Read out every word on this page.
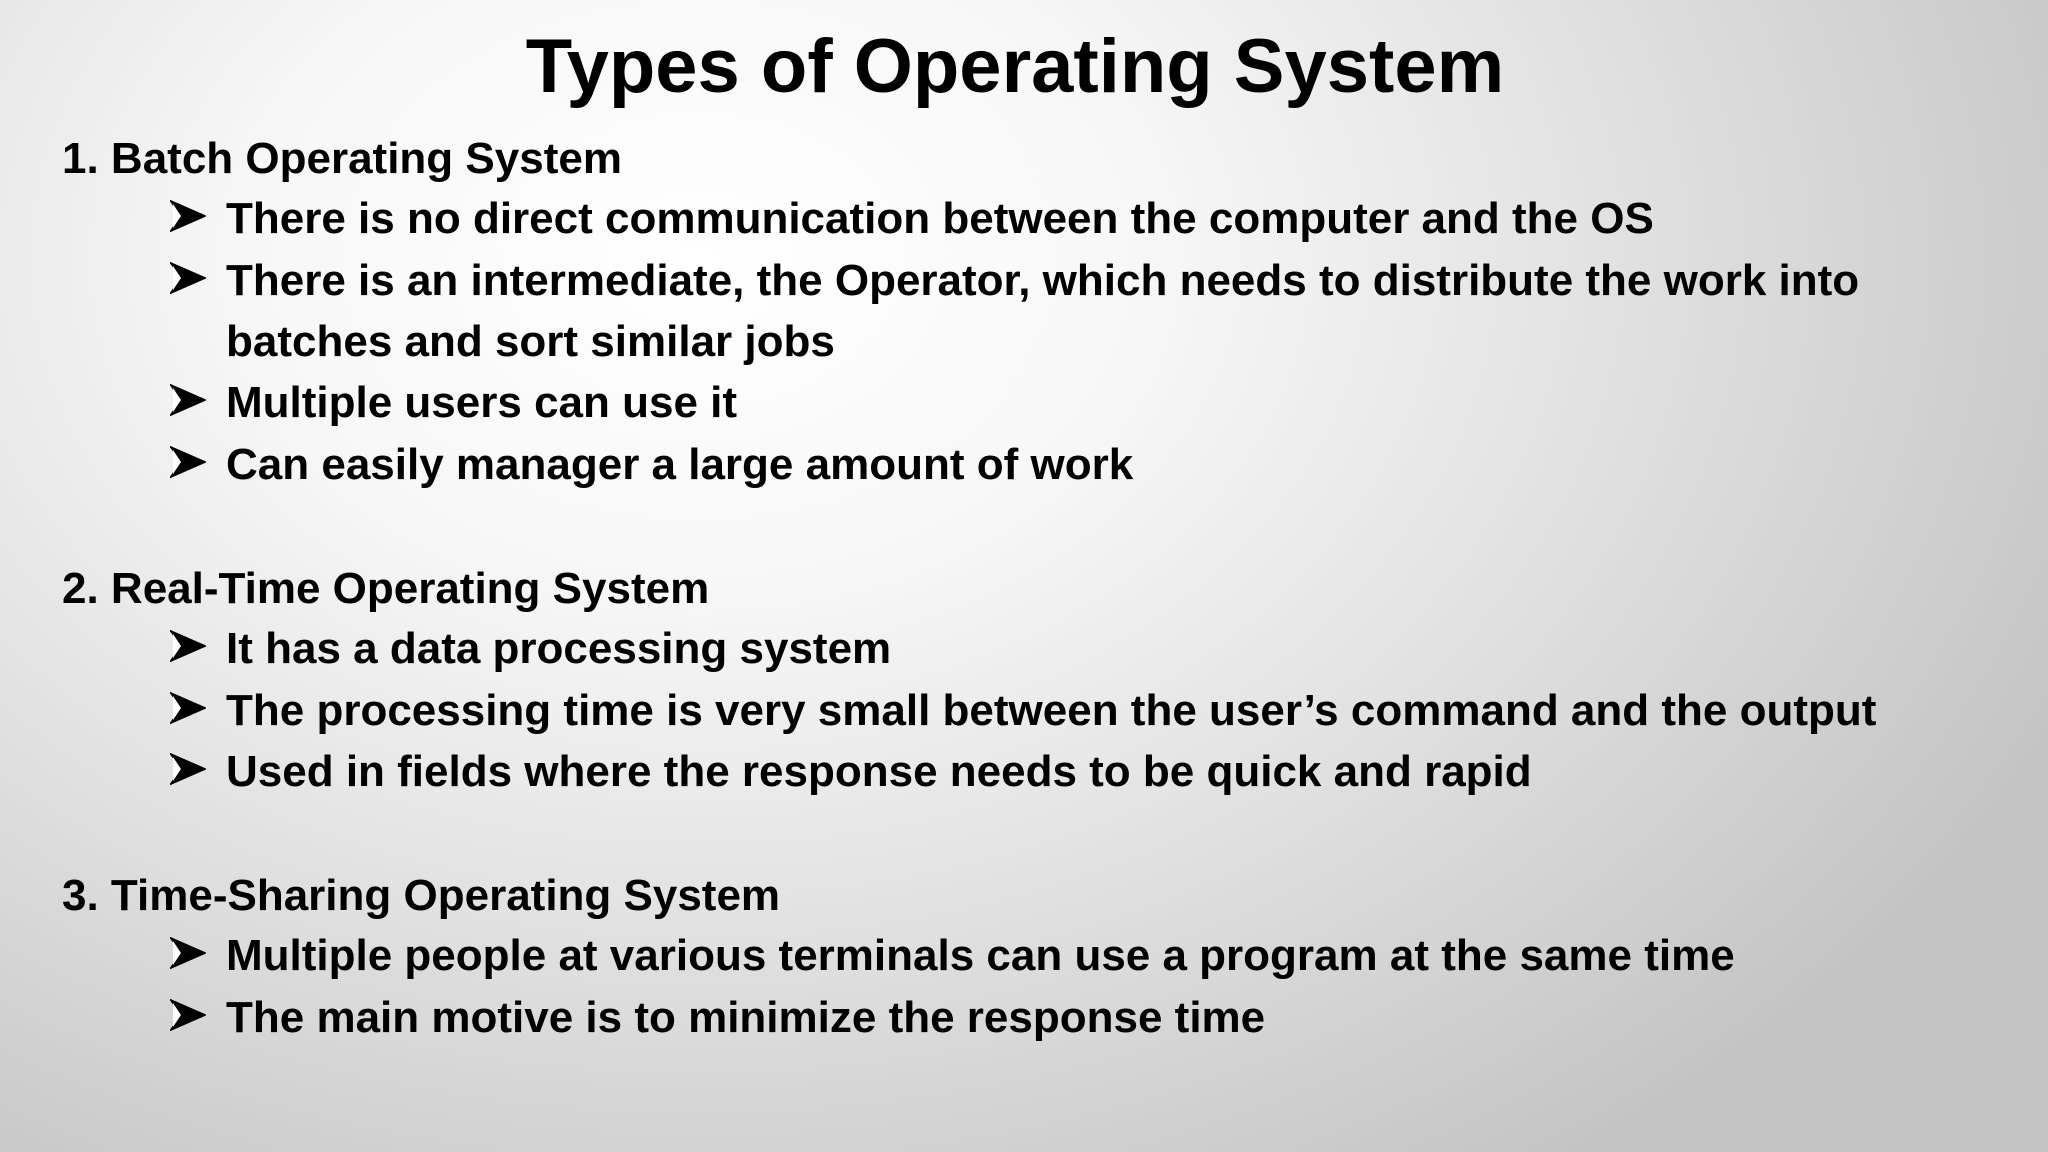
Types of Operating System
1. Batch Operating System
There is no direct communication between the computer and the OS
There is an intermediate, the Operator, which needs to distribute the work into batches and sort similar jobs
Multiple users can use it
Can easily manager a large amount of work
2. Real-Time Operating System
It has a data processing system
The processing time is very small between the user’s command and the output
Used in fields where the response needs to be quick and rapid
3. Time-Sharing Operating System
Multiple people at various terminals can use a program at the same time
The main motive is to minimize the response time
